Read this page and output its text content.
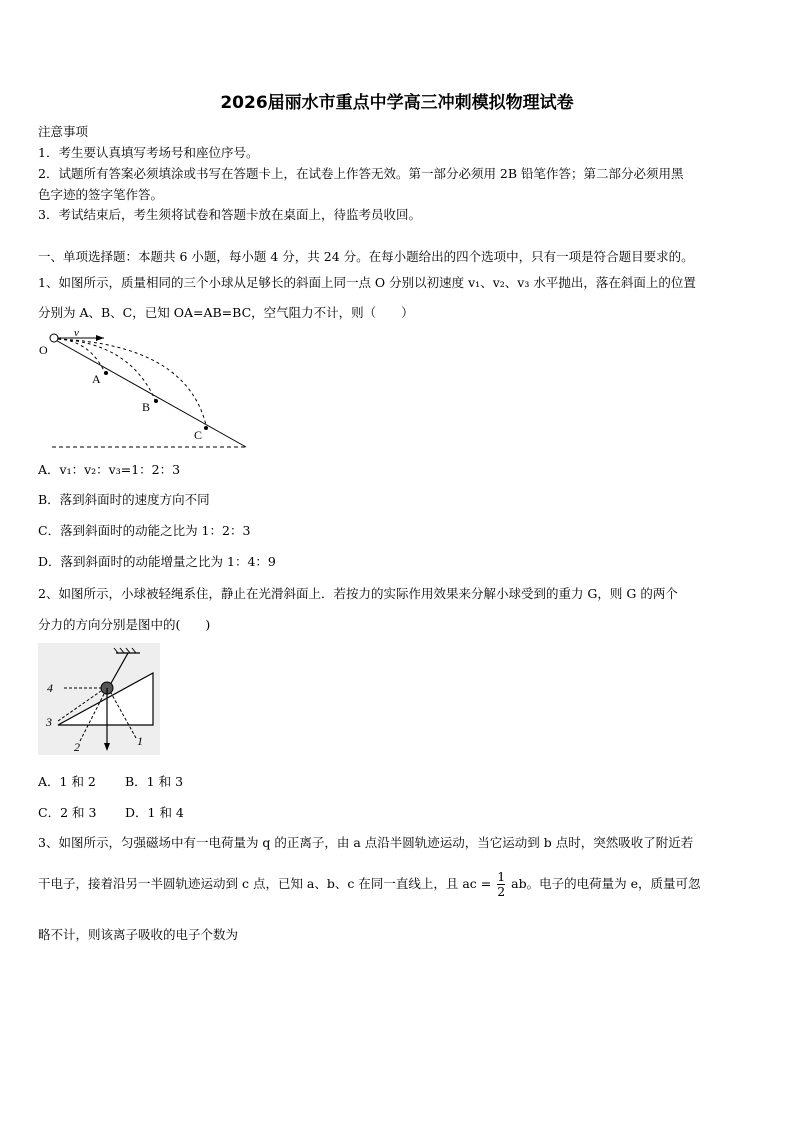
2026届丽水市重点中学高三冲刺模拟物理试卷
注意事项
1．考生要认真填写考场号和座位序号。
2．试题所有答案必须填涂或书写在答题卡上，在试卷上作答无效。第一部分必须用 2B 铅笔作答；第二部分必须用黑
色字迹的签字笔作答。
3．考试结束后，考生须将试卷和答题卡放在桌面上，待监考员收回。
一、单项选择题：本题共 6 小题，每小题 4 分，共 24 分。在每小题给出的四个选项中，只有一项是符合题目要求的。
1、如图所示，质量相同的三个小球从足够长的斜面上同一点 O 分别以初速度 v₁、v₂、v₃ 水平抛出，落在斜面上的位置
分别为 A、B、C，已知 OA=AB=BC，空气阻力不计，则（　　）
O
v
A
B
C
A．v₁：v₂：v₃=1：2：3
B．落到斜面时的速度方向不同
C．落到斜面时的动能之比为 1：2：3
D．落到斜面时的动能增量之比为 1：4：9
2、如图所示，小球被轻绳系住，静止在光滑斜面上．若按力的实际作用效果来分解小球受到的重力 G，则 G 的两个
分力的方向分别是图中的(　　)
4
3
2	1
A．1 和 2 B．1 和 3
C．2 和 3 D．1 和 4
3、如图所示，匀强磁场中有一电荷量为 q 的正离子，由 a 点沿半圆轨迹运动，当它运动到 b 点时，突然吸收了附近若
干电子，接着沿另一半圆轨迹运动到 c 点，已知 a、b、c 在同一直线上，且 ac = $\frac{1}{2}$ ab。电子的电荷量为 e，质量可忽
略不计，则该离子吸收的电子个数为
